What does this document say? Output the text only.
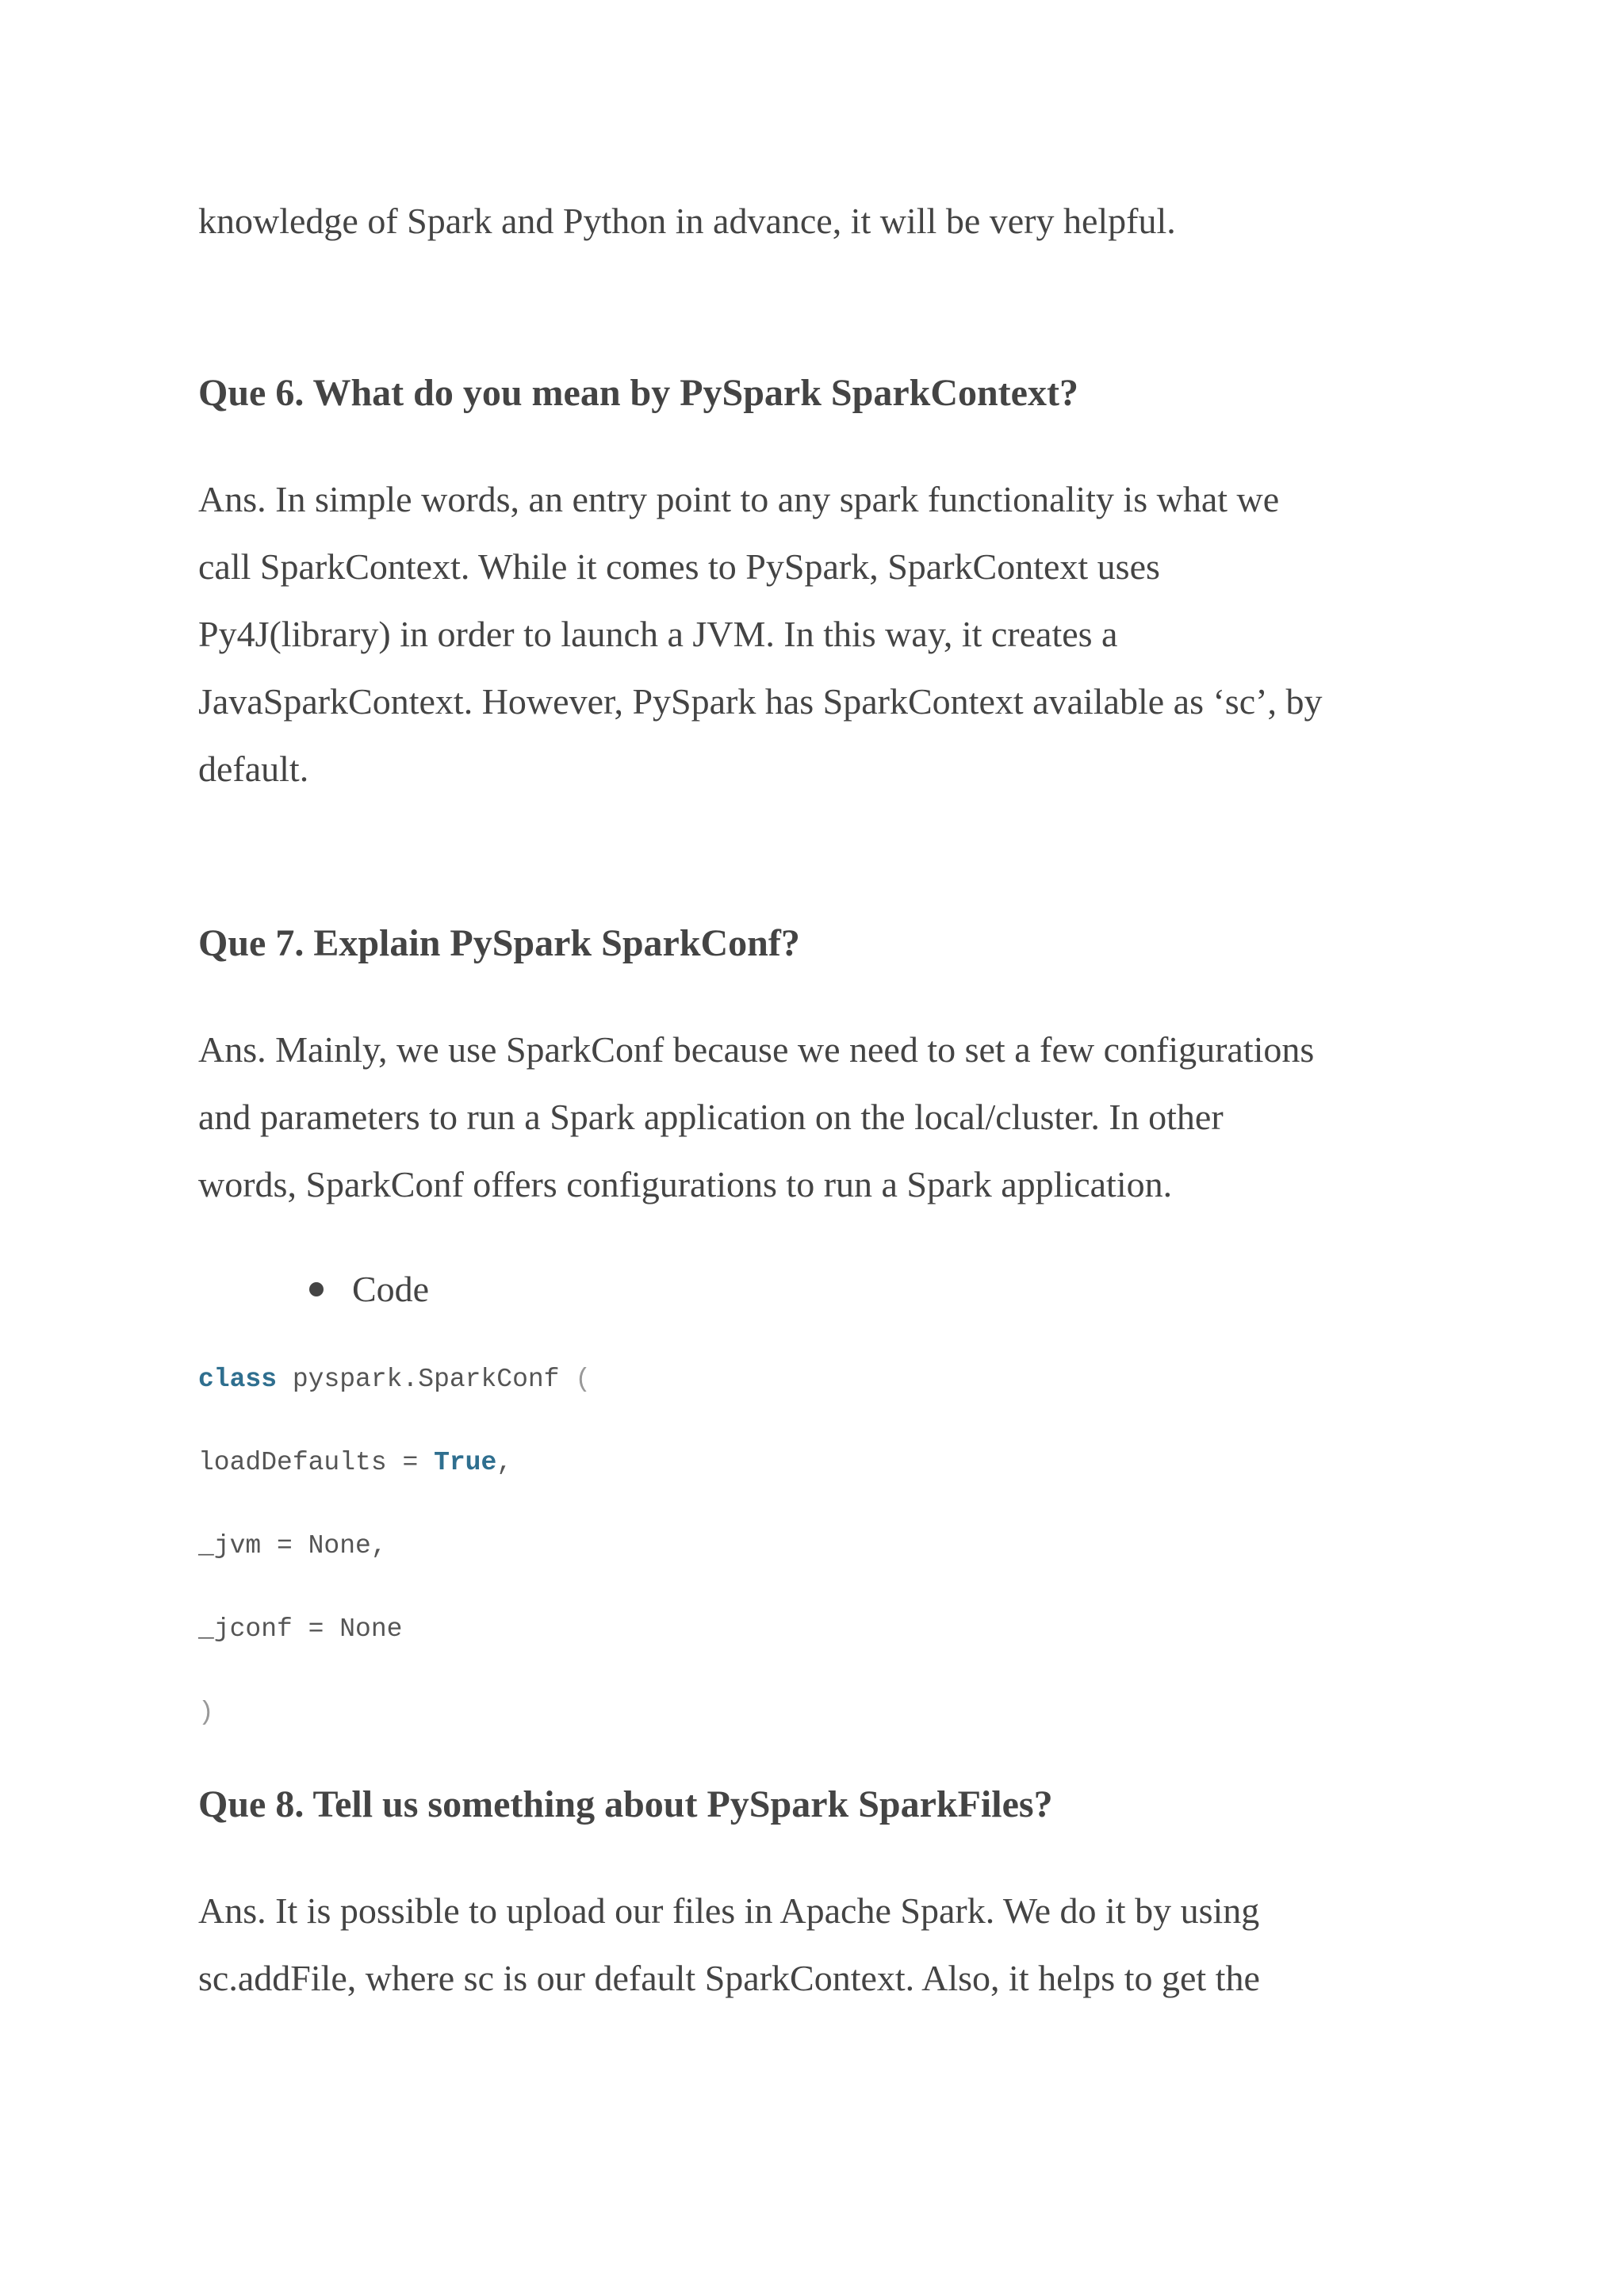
knowledge of Spark and Python in advance, it will be very helpful.

Que 6. What do you mean by PySpark SparkContext?

Ans. In simple words, an entry point to any spark functionality is what we

call SparkContext. While it comes to PySpark, SparkContext uses

Py4J(library) in order to launch a JVM. In this way, it creates a

JavaSparkContext. However, PySpark has SparkContext available as ‘sc’, by

default.

Que 7. Explain PySpark SparkConf?

Ans. Mainly, we use SparkConf because we need to set a few configurations

and parameters to run a Spark application on the local/cluster. In other

words, SparkConf offers configurations to run a Spark application.

Code
class pyspark.SparkConf (
loadDefaults = True,
_jvm = None,
_jconf = None
)
Que 8. Tell us something about PySpark SparkFiles?

Ans. It is possible to upload our files in Apache Spark. We do it by using

sc.addFile, where sc is our default SparkContext. Also, it helps to get the
